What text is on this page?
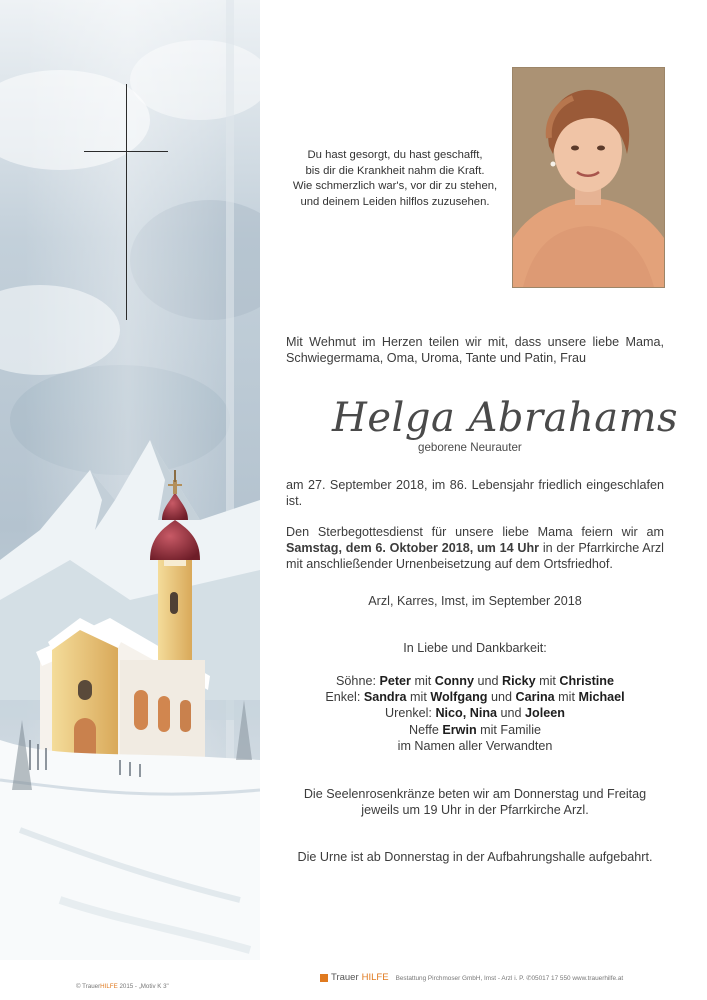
Du hast gesorgt, du hast geschafft,
bis dir die Krankheit nahm die Kraft.
Wie schmerzlich war's, vor dir zu stehen,
und deinem Leiden hilflos zuzusehen.
Mit Wehmut im Herzen teilen wir mit, dass unsere liebe Mama, Schwiegermama, Oma, Uroma, Tante und Patin, Frau
Helga Abrahams
geborene Neurauter
am 27. September 2018, im 86. Lebensjahr friedlich eingeschlafen ist.
Den Sterbegottesdienst für unsere liebe Mama feiern wir am Samstag, dem 6. Oktober 2018, um 14 Uhr in der Pfarrkirche Arzl mit anschließender Urnenbeisetzung auf dem Ortsfriedhof.
Arzl, Karres, Imst, im September 2018
In Liebe und Dankbarkeit:
Söhne: Peter mit Conny und Ricky mit Christine
Enkel: Sandra mit Wolfgang und Carina mit Michael
Urenkel: Nico, Nina und Joleen
Neffe Erwin mit Familie
im Namen aller Verwandten
Die Seelenrosenkränze beten wir am Donnerstag und Freitag
jeweils um 19 Uhr in der Pfarrkirche Arzl.
Die Urne ist ab Donnerstag in der Aufbahrungshalle aufgebahrt.
© TrauerHILFE 2015 - „Motiv K 3"
Trauer HILFE Bestattung Pirchmoser GmbH, Imst - Arzl i. P. ✆05017 17 550 www.trauerhilfe.at
